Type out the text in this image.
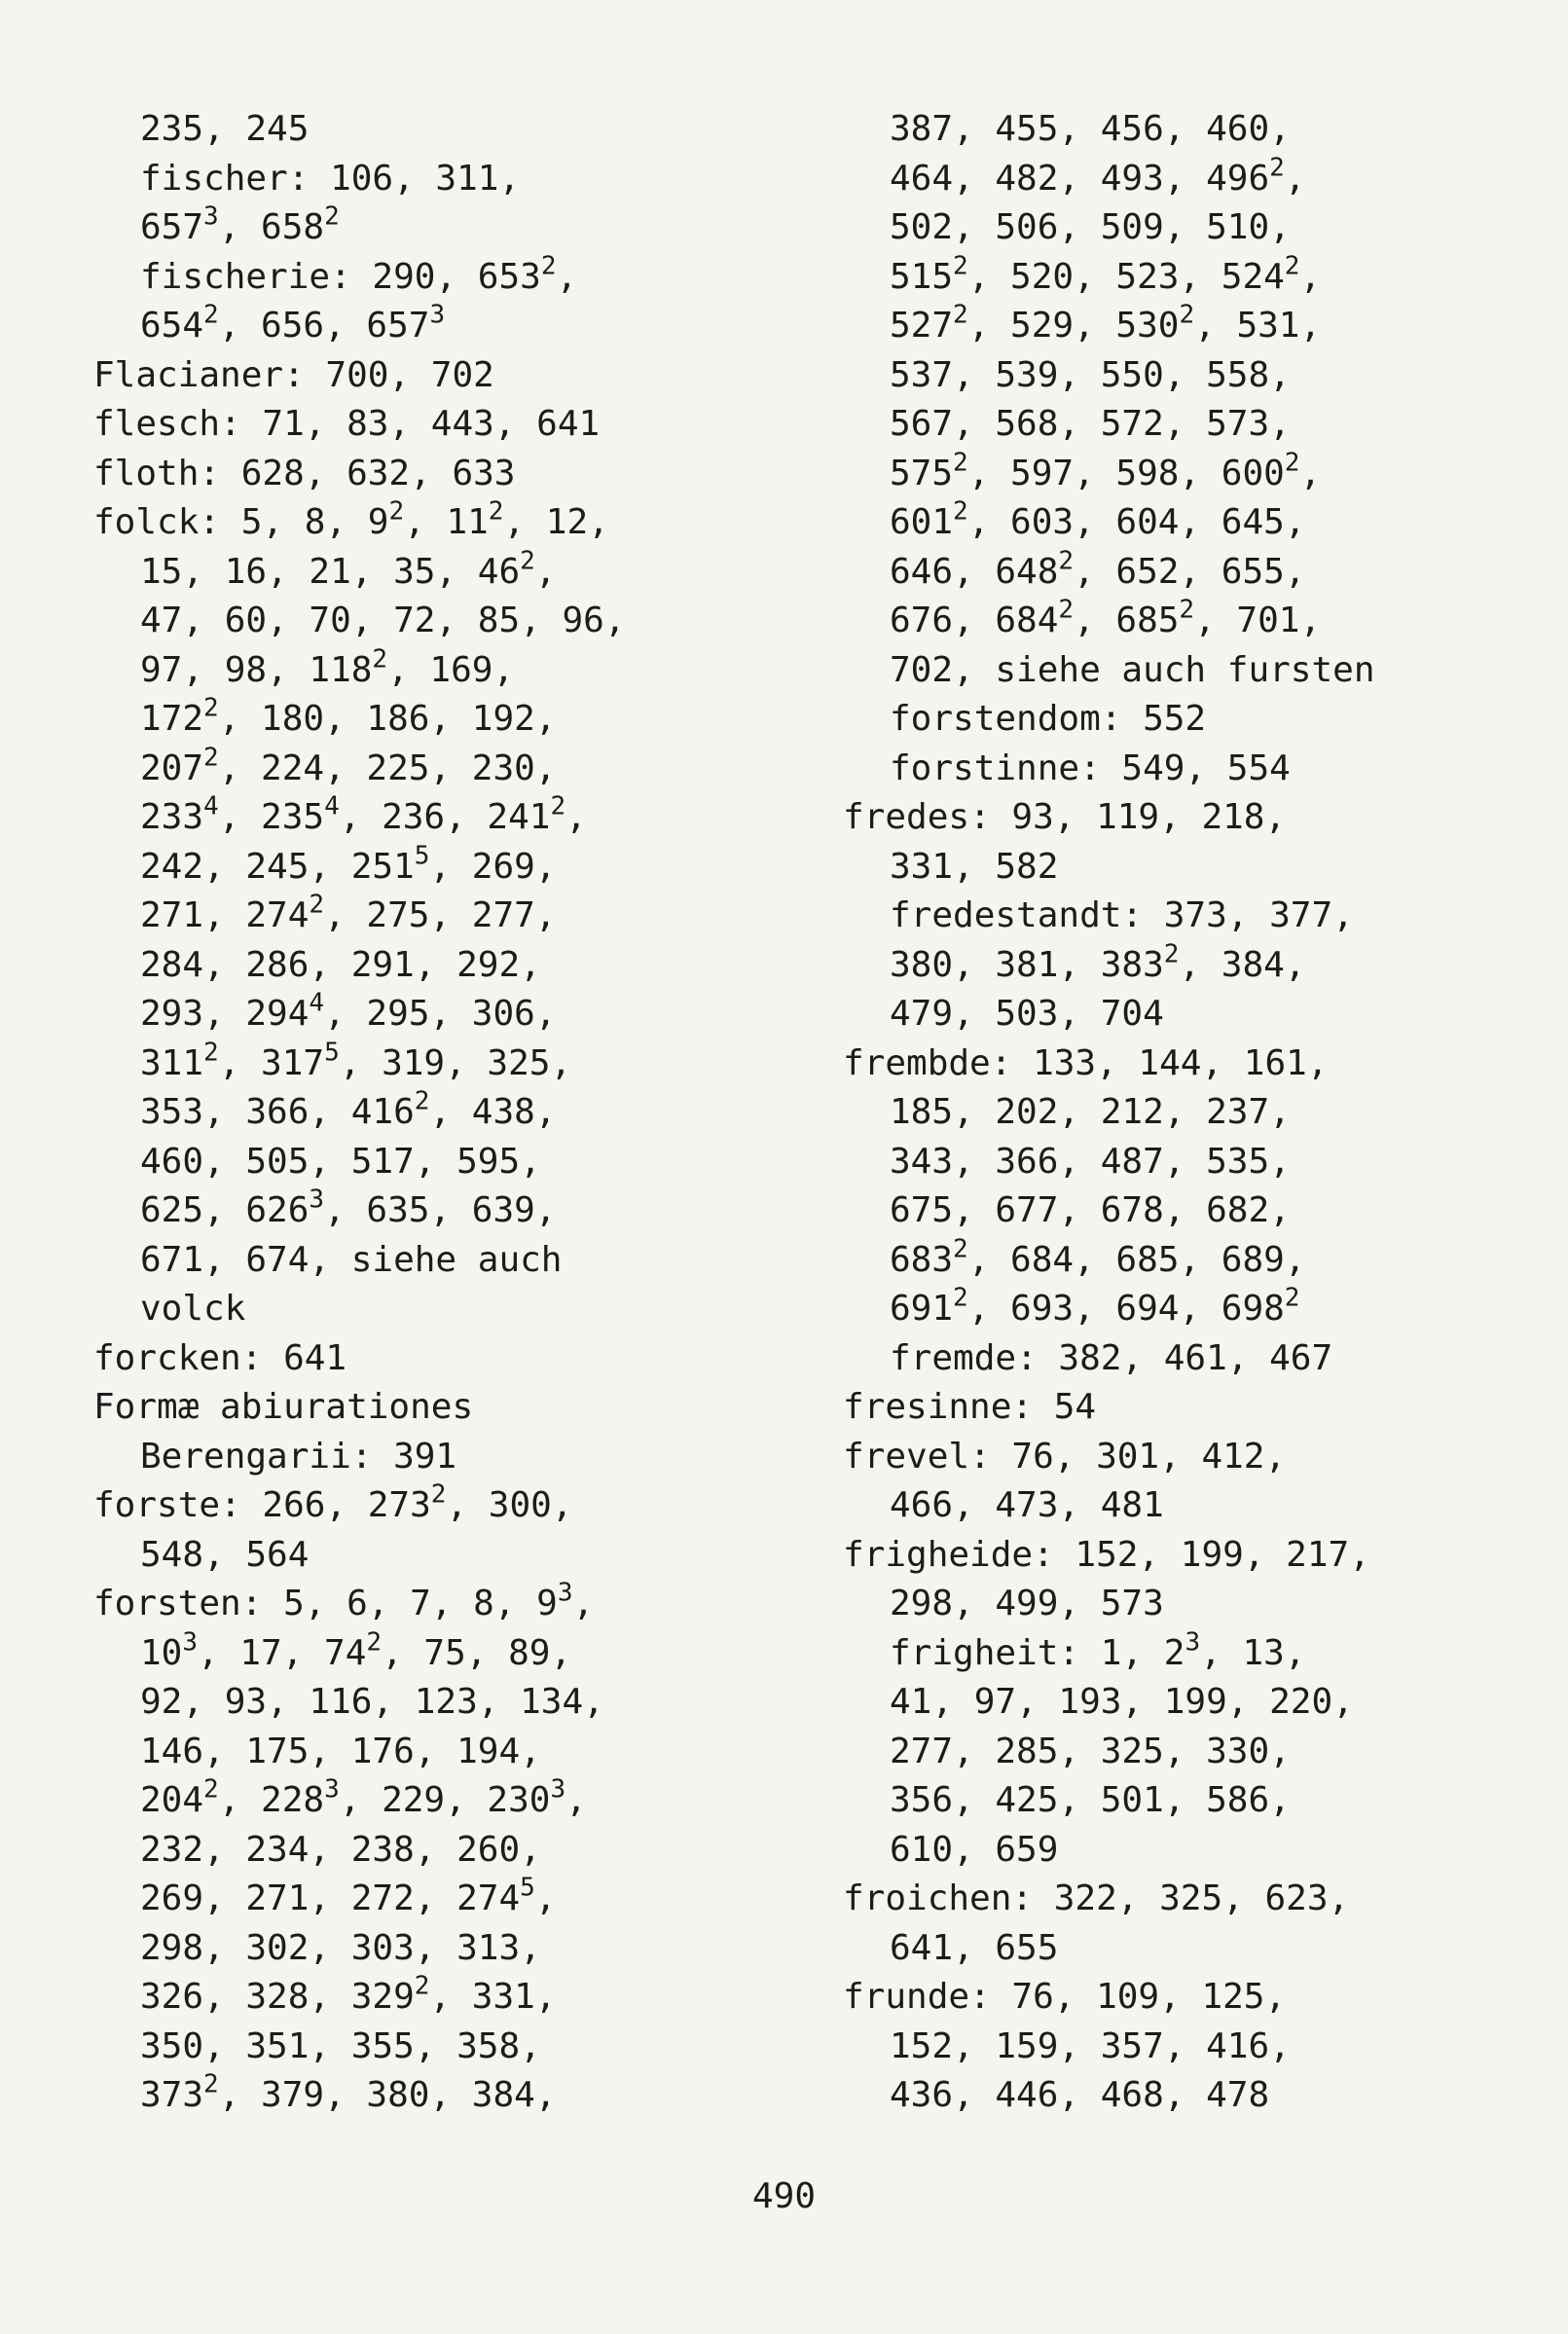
235, 245
fischer: 106, 311,
$657^3$, $658^2$
fischerie: 290, $653^2$,
$654^2$, 656, $657^3$
Flacianer: 700, 702
flesch: 71, 83, 443, 641
floth: 628, 632, 633
folck: 5, 8, $9^2$, $11^2$, 12,
15, 16, 21, 35, $46^2$,
47, 60, 70, 72, 85, 96,
97, 98, $118^2$, 169,
$172^2$, 180, 186, 192,
$207^2$, 224, 225, 230,
$233^4$, $235^4$, 236, $241^2$,
242, 245, $251^5$, 269,
271, $274^2$, 275, 277,
284, 286, 291, 292,
293, $294^4$, 295, 306,
$311^2$, $317^5$, 319, 325,
353, 366, $416^2$, 438,
460, 505, 517, 595,
625, $626^3$, 635, 639,
671, 674, siehe auch
volck
forcken: 641
Formæ abiurationes
Berengarii: 391
forste: 266, $273^2$, 300,
548, 564
forsten: 5, 6, 7, 8, $9^3$,
$10^3$, 17, $74^2$, 75, 89,
92, 93, 116, 123, 134,
146, 175, 176, 194,
$204^2$, $228^3$, 229, $230^3$,
232, 234, 238, 260,
269, 271, 272, $274^5$,
298, 302, 303, 313,
326, 328, $329^2$, 331,
350, 351, 355, 358,
$373^2$, 379, 380, 384,
387, 455, 456, 460,
464, 482, 493, $496^2$,
502, 506, 509, 510,
$515^2$, 520, 523, $524^2$,
$527^2$, 529, $530^2$, 531,
537, 539, 550, 558,
567, 568, 572, 573,
$575^2$, 597, 598, $600^2$,
$601^2$, 603, 604, 645,
646, $648^2$, 652, 655,
676, $684^2$, $685^2$, 701,
702, siehe auch fursten
forstendom: 552
forstinne: 549, 554
fredes: 93, 119, 218,
331, 582
fredestandt: 373, 377,
380, 381, $383^2$, 384,
479, 503, 704
frembde: 133, 144, 161,
185, 202, 212, 237,
343, 366, 487, 535,
675, 677, 678, 682,
$683^2$, 684, 685, 689,
$691^2$, 693, 694, $698^2$
fremde: 382, 461, 467
fresinne: 54
frevel: 76, 301, 412,
466, 473, 481
frigheide: 152, 199, 217,
298, 499, 573
frigheit: 1, $2^3$, 13,
41, 97, 193, 199, 220,
277, 285, 325, 330,
356, 425, 501, 586,
610, 659
froichen: 322, 325, 623,
641, 655
frunde: 76, 109, 125,
152, 159, 357, 416,
436, 446, 468, 478
490
